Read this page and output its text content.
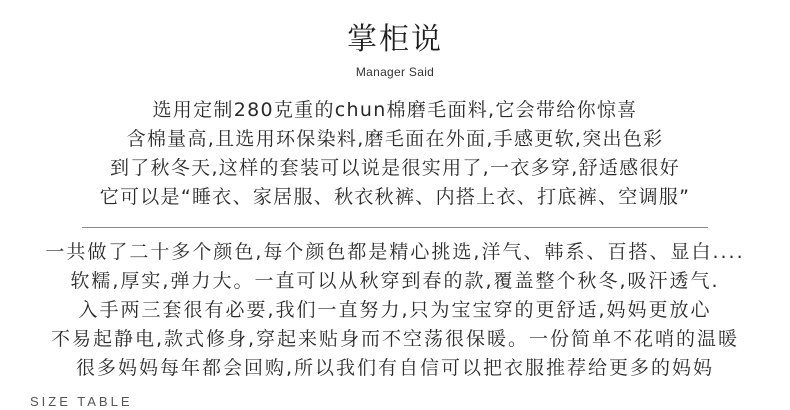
掌柜说
Manager Said
选用定制280克重的chun棉磨毛面料,它会带给你惊喜
含棉量高,且选用环保染料,磨毛面在外面,手感更软,突出色彩
到了秋冬天,这样的套装可以说是很实用了,一衣多穿,舒适感很好
它可以是“睡衣、家居服、秋衣秋裤、内搭上衣、打底裤、空调服”
一共做了二十多个颜色,每个颜色都是精心挑选,洋气、韩系、百搭、显白....
软糯,厚实,弹力大。一直可以从秋穿到春的款,覆盖整个秋冬,吸汗透气.
入手两三套很有必要,我们一直努力,只为宝宝穿的更舒适,妈妈更放心
不易起静电,款式修身,穿起来贴身而不空荡很保暖。一份简单不花哨的温暖
很多妈妈每年都会回购,所以我们有自信可以把衣服推荐给更多的妈妈
SIZE TABLE
